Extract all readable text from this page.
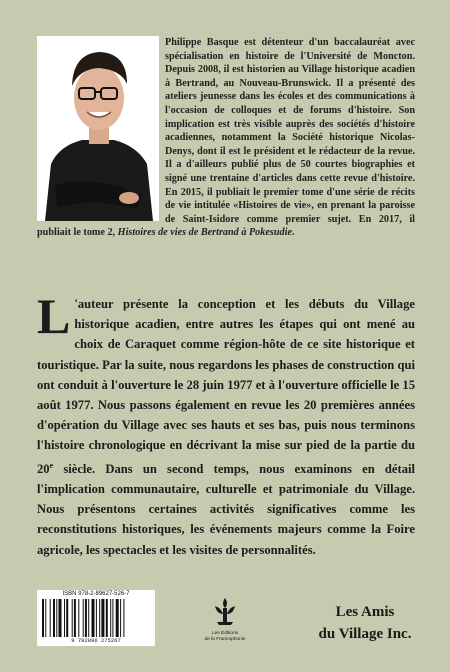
Philippe Basque est détenteur d'un baccalauréat avec spécialisation en histoire de l'Université de Moncton. Depuis 2008, il est historien au Village historique acadien à Bertrand, au Nouveau-Brunswick. Il a présenté des ateliers jeunesse dans les écoles et des communications à l'occasion de colloques et de forums d'histoire. Son implication est très visible auprès des sociétés d'histoire acadiennes, notamment la Société historique Nicolas-Denys, dont il est le président et le rédacteur de la revue. Il a d'ailleurs publié plus de 50 courtes biographies et signé une trentaine d'articles dans cette revue d'histoire. En 2015, il publiait le premier tome d'une série de récits de vie intitulée «Histoires de vie», en prenant la paroisse de Saint-Isidore comme premier sujet. En 2017, il publiait le tome 2, Histoires de vies de Bertrand à Pokesudie.
L 'auteur présente la conception et les débuts du Village historique acadien, entre autres les étapes qui ont mené au choix de Caraquet comme région-hôte de ce site historique et touristique. Par la suite, nous regardons les phases de construction qui ont conduit à l'ouverture le 28 juin 1977 et à l'ouverture officielle le 15 août 1977. Nous passons également en revue les 20 premières années d'opération du Village avec ses hauts et ses bas, puis nous terminons l'histoire chronologique en décrivant la mise sur pied de la partie du 20e siècle. Dans un second temps, nous examinons en détail l'implication communautaire, culturelle et patrimoniale du Village. Nous présentons certaines activités significatives comme les reconstitutions historiques, les événements majeurs comme la Foire agricole, les spectacles et les visites de personnalités.
ISBN 978-2-89627-526-7
9 782896 275267
Les Éditions
de la Francophonie
Les Amis
du Village Inc.
